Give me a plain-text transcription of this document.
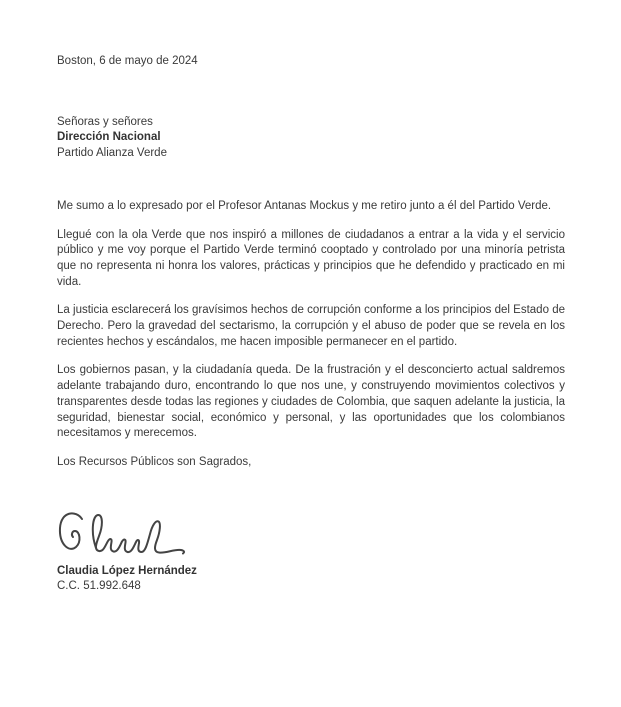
Boston, 6 de mayo de 2024

Señoras y señores
Dirección Nacional
Partido Alianza Verde

Me sumo a lo expresado por el Profesor Antanas Mockus y me retiro junto a él del Partido Verde.

Llegué con la ola Verde que nos inspiró a millones de ciudadanos a entrar a la vida y el servicio público y me voy porque el Partido Verde terminó cooptado y controlado por una minoría petrista que no representa ni honra los valores, prácticas y principios que he defendido y practicado en mi vida.

La justicia esclarecerá los gravísimos hechos de corrupción conforme a los principios del Estado de Derecho. Pero la gravedad del sectarismo, la corrupción y el abuso de poder que se revela en los recientes hechos y escándalos, me hacen imposible permanecer en el partido.

Los gobiernos pasan, y la ciudadanía queda. De la frustración y el desconcierto actual saldremos adelante trabajando duro, encontrando lo que nos une, y construyendo movimientos colectivos y transparentes desde todas las regiones y ciudades de Colombia, que saquen adelante la justicia, la seguridad, bienestar social, económico y personal, y las oportunidades que los colombianos necesitamos y merecemos.

Los Recursos Públicos son Sagrados,

Claudia López Hernández
C.C. 51.992.648
